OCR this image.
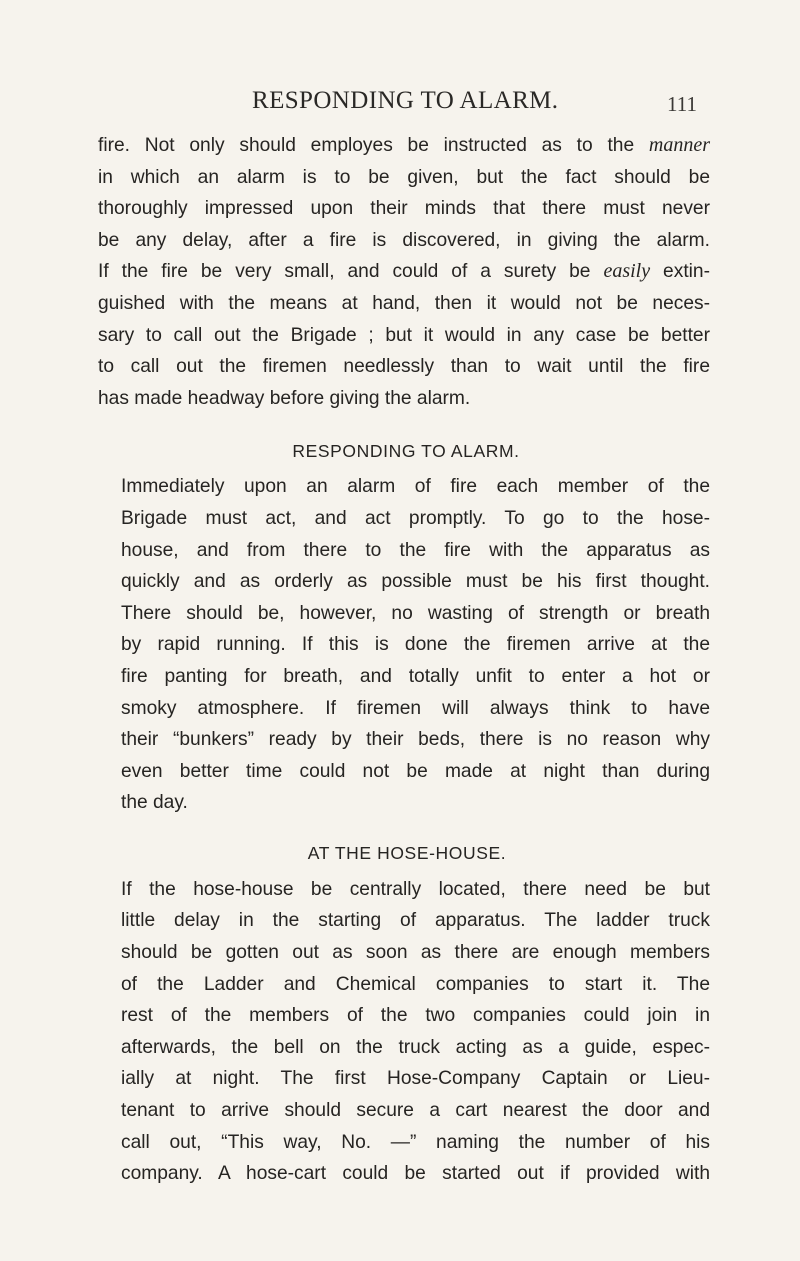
RESPONDING TO ALARM.	111

fire. Not only should employes be instructed as to the manner
in which an alarm is to be given, but the fact should be
thoroughly impressed upon their minds that there must never
be any delay, after a fire is discovered, in giving the alarm.
If the fire be very small, and could of a surety be easily extin-
guished with the means at hand, then it would not be neces-
sary to call out the Brigade ; but it would in any case be better
to call out the firemen needlessly than to wait until the fire
has made headway before giving the alarm.

RESPONDING TO ALARM.

Immediately upon an alarm of fire each member of the
Brigade must act, and act promptly. To go to the hose-
house, and from there to the fire with the apparatus as
quickly and as orderly as possible must be his first thought.
There should be, however, no wasting of strength or breath
by rapid running. If this is done the firemen arrive at the
fire panting for breath, and totally unfit to enter a hot or
smoky atmosphere. If firemen will always think to have
their “bunkers” ready by their beds, there is no reason why
even better time could not be made at night than during
the day.

AT THE HOSE-HOUSE.

If the hose-house be centrally located, there need be but
little delay in the starting of apparatus. The ladder truck
should be gotten out as soon as there are enough members
of the Ladder and Chemical companies to start it. The
rest of the members of the two companies could join in
afterwards, the bell on the truck acting as a guide, espec-
ially at night. The first Hose-Company Captain or Lieu-
tenant to arrive should secure a cart nearest the door and
call out, “This way, No. —” naming the number of his
company. A hose-cart could be started out if provided with
